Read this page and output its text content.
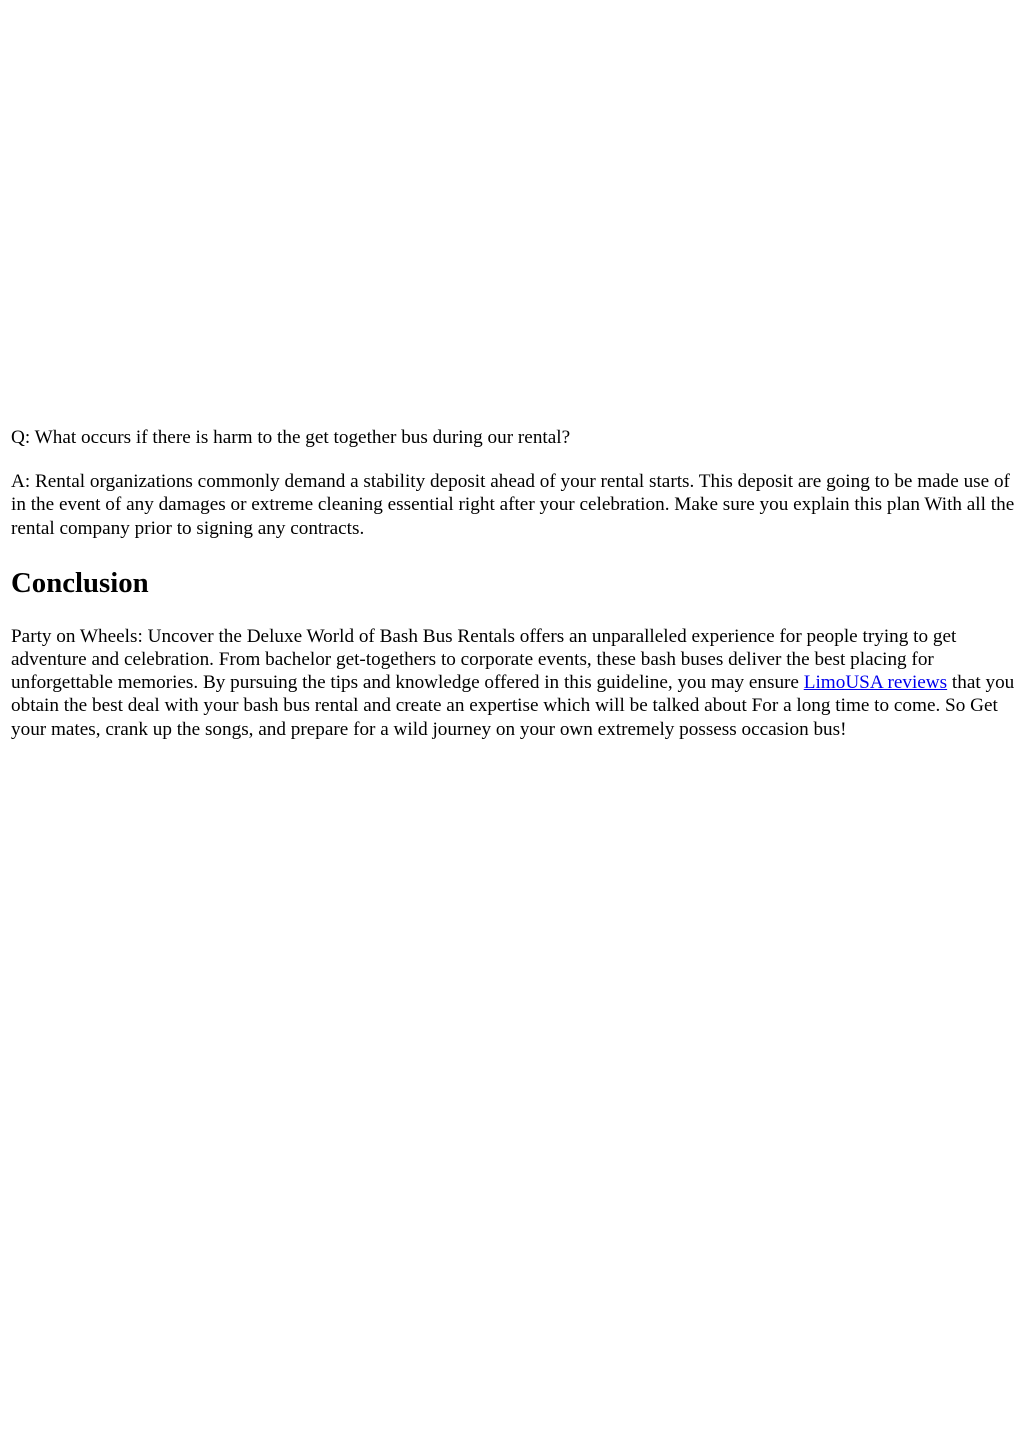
Q: What occurs if there is harm to the get together bus during our rental?

A: Rental organizations commonly demand a stability deposit ahead of your rental starts. This deposit are going to be made use of in the event of any damages or extreme cleaning essential right after your celebration. Make sure you explain this plan With all the rental company prior to signing any contracts.

Conclusion

Party on Wheels: Uncover the Deluxe World of Bash Bus Rentals offers an unparalleled experience for people trying to get adventure and celebration. From bachelor get-togethers to corporate events, these bash buses deliver the best placing for unforgettable memories. By pursuing the tips and knowledge offered in this guideline, you may ensure LimoUSA reviews that you obtain the best deal with your bash bus rental and create an expertise which will be talked about For a long time to come. So Get your mates, crank up the songs, and prepare for a wild journey on your own extremely possess occasion bus!
